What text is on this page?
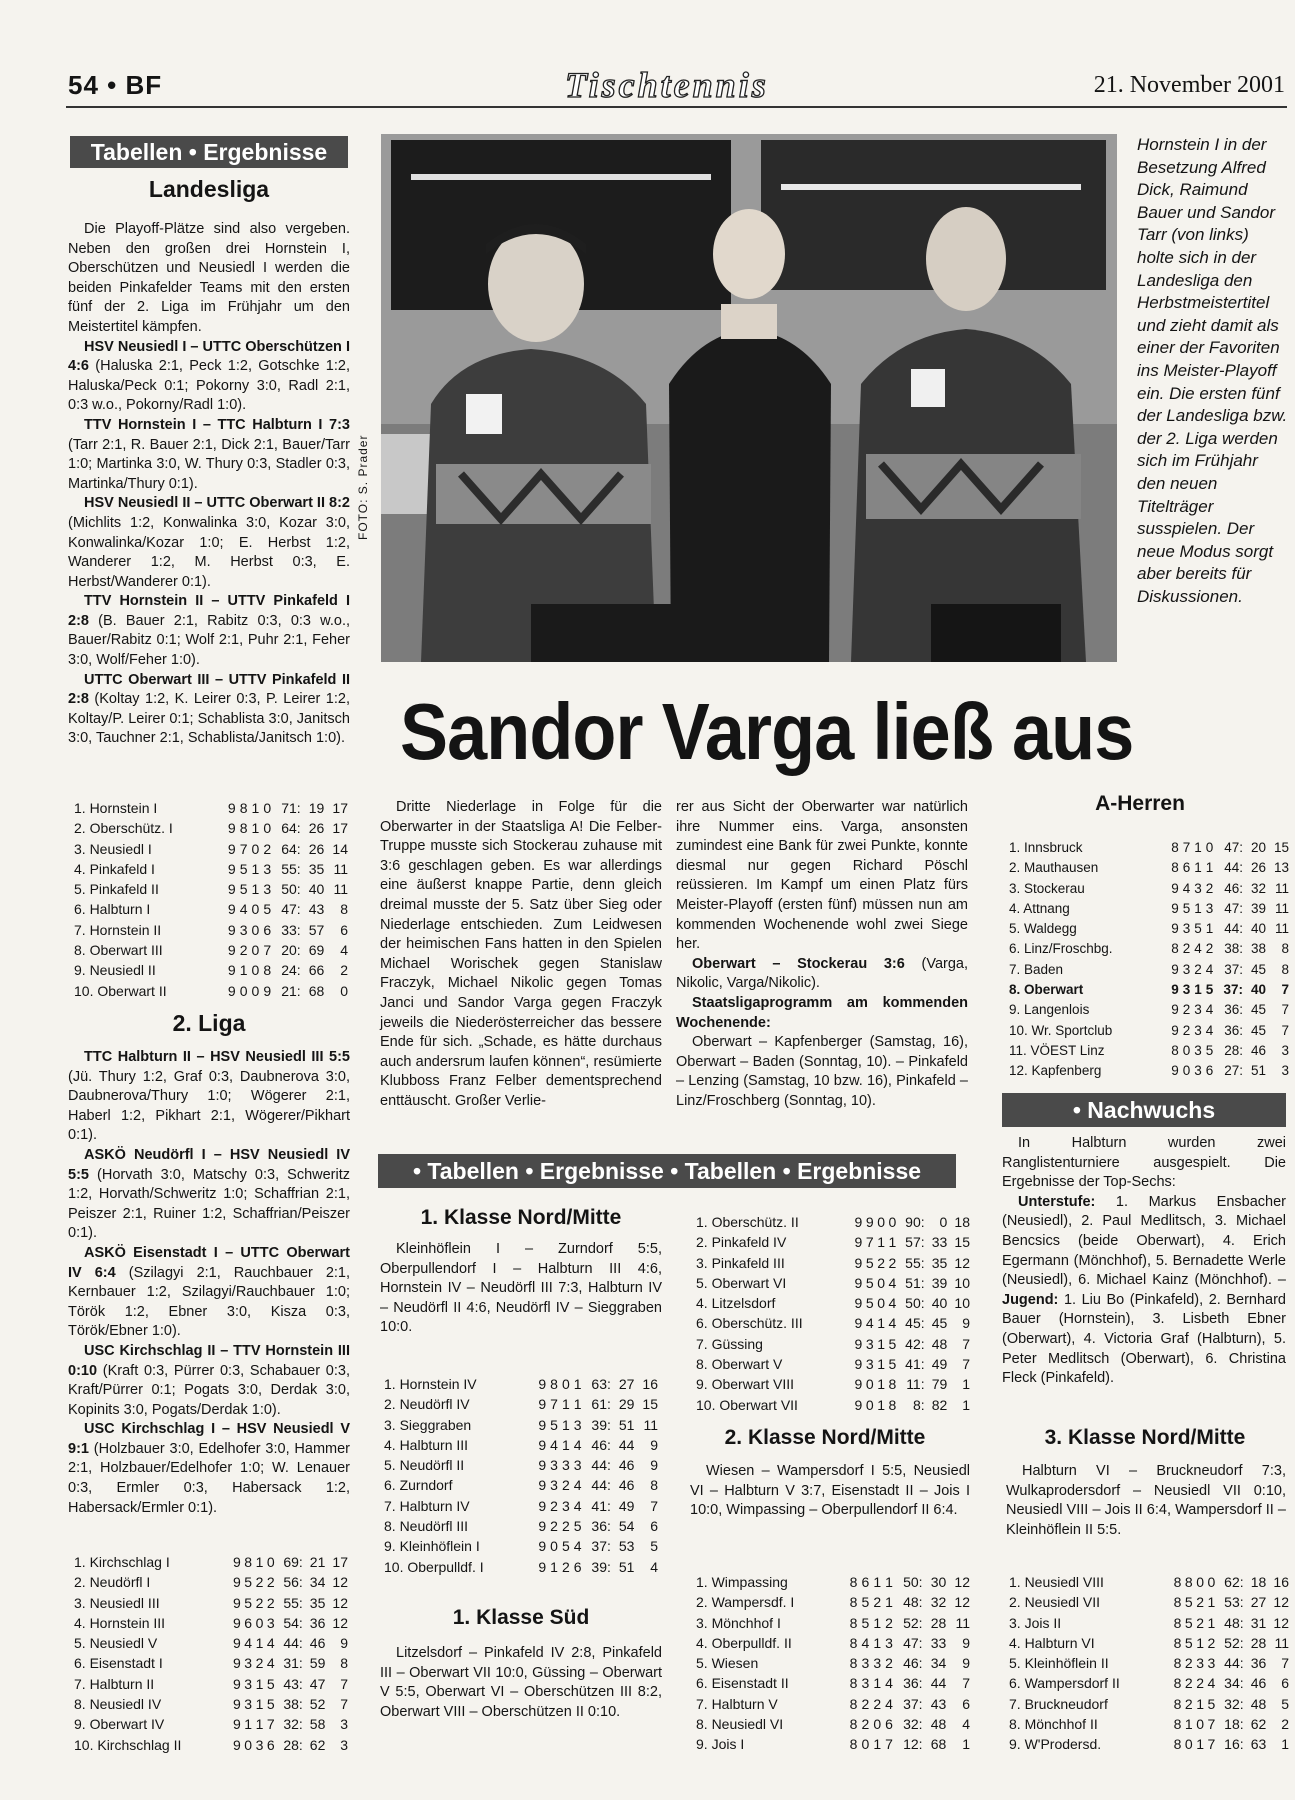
54 • BF	Tischtennis	21. November 2001
Tabellen • Ergebnisse
Landesliga

Die Playoff-Plätze sind also vergeben. Neben den großen drei Hornstein I, Oberschützen und Neusiedl I werden die beiden Pinkafelder Teams mit den ersten fünf der 2. Liga im Frühjahr um den Meistertitel kämpfen.

HSV Neusiedl I – UTTC Oberschützen I 4:6 (Haluska 2:1, Peck 1:2, Gotschke 1:2, Haluska/Peck 0:1; Pokorny 3:0, Radl 2:1, 0:3 w.o., Pokorny/Radl 1:0).

TTV Hornstein I – TTC Halbturn I 7:3 (Tarr 2:1, R. Bauer 2:1, Dick 2:1, Bauer/Tarr 1:0; Martinka 3:0, W. Thury 0:3, Stadler 0:3, Martinka/Thury 0:1).

HSV Neusiedl II – UTTC Oberwart II 8:2 (Michlits 1:2, Konwalinka 3:0, Kozar 3:0, Konwalinka/Kozar 1:0; E. Herbst 1:2, Wanderer 1:2, M. Herbst 0:3, E. Herbst/Wanderer 0:1).

TTV Hornstein II – UTTV Pinkafeld I 2:8 (B. Bauer 2:1, Rabitz 0:3, 0:3 w.o., Bauer/Rabitz 0:1; Wolf 2:1, Puhr 2:1, Feher 3:0, Wolf/Feher 1:0).

UTTC Oberwart III – UTTV Pinkafeld II 2:8 (Koltay 1:2, K. Leirer 0:3, P. Leirer 1:2, Koltay/P. Leirer 0:1; Schablista 3:0, Janitsch 3:0, Tauchner 2:1, Schablista/Janitsch 1:0).

1. Hornstein I	9	8	1	0	71:	19	17
2. Oberschütz. I	9	8	1	0	64:	26	17
3. Neusiedl I	9	7	0	2	64:	26	14
4. Pinkafeld I	9	5	1	3	55:	35	11
5. Pinkafeld II	9	5	1	3	50:	40	11
6. Halbturn I	9	4	0	5	47:	43	8
7. Hornstein II	9	3	0	6	33:	57	6
8. Oberwart III	9	2	0	7	20:	69	4
9. Neusiedl II	9	1	0	8	24:	66	2
10. Oberwart II	9	0	0	9	21:	68	0
2. Liga

TTC Halbturn II – HSV Neusiedl III 5:5 (Jü. Thury 1:2, Graf 0:3, Daubnerova 3:0, Daubnerova/Thury 1:0; Wögerer 2:1, Haberl 1:2, Pikhart 2:1, Wögerer/Pikhart 0:1).

ASKÖ Neudörfl I – HSV Neusiedl IV 5:5 (Horvath 3:0, Matschy 0:3, Schweritz 1:2, Horvath/Schweritz 1:0; Schaffrian 2:1, Peiszer 2:1, Ruiner 1:2, Schaffrian/Peiszer 0:1).

ASKÖ Eisenstadt I – UTTC Oberwart IV 6:4 (Szilagyi 2:1, Rauchbauer 2:1, Kernbauer 1:2, Szilagyi/Rauchbauer 1:0; Török 1:2, Ebner 3:0, Kisza 0:3, Török/Ebner 1:0).

USC Kirchschlag II – TTV Hornstein III 0:10 (Kraft 0:3, Pürrer 0:3, Schabauer 0:3, Kraft/Pürrer 0:1; Pogats 3:0, Derdak 3:0, Kopinits 3:0, Pogats/Derdak 1:0).

USC Kirchschlag I – HSV Neusiedl V 9:1 (Holzbauer 3:0, Edelhofer 3:0, Hammer 2:1, Holzbauer/Edelhofer 1:0; W. Lenauer 0:3, Ermler 0:3, Habersack 1:2, Habersack/Ermler 0:1).

1. Kirchschlag I	9	8	1	0	69:	21	17
2. Neudörfl I	9	5	2	2	56:	34	12
3. Neusiedl III	9	5	2	2	55:	35	12
4. Hornstein III	9	6	0	3	54:	36	12
5. Neusiedl V	9	4	1	4	44:	46	9
6. Eisenstadt I	9	3	2	4	31:	59	8
7. Halbturn II	9	3	1	5	43:	47	7
8. Neusiedl IV	9	3	1	5	38:	52	7
9. Oberwart IV	9	1	1	7	32:	58	3
10. Kirchschlag II	9	0	3	6	28:	62	3
FOTO: S. Prader
Hornstein I in der Besetzung Alfred Dick, Raimund Bauer und Sandor Tarr (von links) holte sich in der Landesliga den Herbstmeistertitel und zieht damit als einer der Favoriten ins Meister-Playoff ein. Die ersten fünf der Landesliga bzw. der 2. Liga werden sich im Frühjahr den neuen Titelträger susspielen. Der neue Modus sorgt aber bereits für Diskussionen.
Sandor Varga ließ aus

Dritte Niederlage in Folge für die Oberwarter in der Staatsliga A! Die Felber-Truppe musste sich Stockerau zuhause mit 3:6 geschlagen geben. Es war allerdings eine äußerst knappe Partie, denn gleich dreimal musste der 5. Satz über Sieg oder Niederlage entschieden. Zum Leidwesen der heimischen Fans hatten in den Spielen Michael Worischek gegen Stanislaw Fraczyk, Michael Nikolic gegen Tomas Janci und Sandor Varga gegen Fraczyk jeweils die Niederösterreicher das bessere Ende für sich. „Schade, es hätte durchaus auch andersrum laufen können“, resümierte Klubboss Franz Felber dementsprechend enttäuscht. Großer Verlie-

rer aus Sicht der Oberwarter war natürlich ihre Nummer eins. Varga, ansonsten zumindest eine Bank für zwei Punkte, konnte diesmal nur gegen Richard Pöschl reüssieren. Im Kampf um einen Platz fürs Meister-Playoff (ersten fünf) müssen nun am kommenden Wochenende wohl zwei Siege her.

Oberwart – Stockerau 3:6 (Varga, Nikolic, Varga/Nikolic).

Staatsligaprogramm am kommenden Wochenende:

Oberwart – Kapfenberger (Samstag, 16), Oberwart – Baden (Sonntag, 10). – Pinkafeld – Lenzing (Samstag, 10 bzw. 16), Pinkafeld – Linz/Froschberg (Sonntag, 10).

A-Herren
1. Innsbruck	8	7	1	0	47:	20	15
2. Mauthausen	8	6	1	1	44:	26	13
3. Stockerau	9	4	3	2	46:	32	11
4. Attnang	9	5	1	3	47:	39	11
5. Waldegg	9	3	5	1	44:	40	11
6. Linz/Froschbg.	8	2	4	2	38:	38	8
7. Baden	9	3	2	4	37:	45	8
8. Oberwart	9	3	1	5	37:	40	7
9. Langenlois	9	2	3	4	36:	45	7
10. Wr. Sportclub	9	2	3	4	36:	45	7
11. VÖEST Linz	8	0	3	5	28:	46	3
12. Kapfenberg	9	0	3	6	27:	51	3
• Tabellen • Ergebnisse • Tabellen • Ergebnisse
1. Klasse Nord/Mitte

Kleinhöflein I – Zurndorf 5:5, Oberpullendorf I – Halbturn III 4:6, Hornstein IV – Neudörfl III 7:3, Halbturn IV – Neudörfl II 4:6, Neudörfl IV – Sieggraben 10:0.

1. Hornstein IV	9	8	0	1	63:	27	16
2. Neudörfl IV	9	7	1	1	61:	29	15
3. Sieggraben	9	5	1	3	39:	51	11
4. Halbturn III	9	4	1	4	46:	44	9
5. Neudörfl II	9	3	3	3	44:	46	9
6. Zurndorf	9	3	2	4	44:	46	8
7. Halbturn IV	9	2	3	4	41:	49	7
8. Neudörfl III	9	2	2	5	36:	54	6
9. Kleinhöflein I	9	0	5	4	37:	53	5
10. Oberpulldf. I	9	1	2	6	39:	51	4
1. Klasse Süd

Litzelsdorf – Pinkafeld IV 2:8, Pinkafeld III – Oberwart VII 10:0, Güssing – Oberwart V 5:5, Oberwart VI – Oberschützen III 8:2, Oberwart VIII – Oberschützen II 0:10.

1. Oberschütz. II	9	9	0	0	90:	0	18
2. Pinkafeld IV	9	7	1	1	57:	33	15
3. Pinkafeld III	9	5	2	2	55:	35	12
5. Oberwart VI	9	5	0	4	51:	39	10
4. Litzelsdorf	9	5	0	4	50:	40	10
6. Oberschütz. III	9	4	1	4	45:	45	9
7. Güssing	9	3	1	5	42:	48	7
8. Oberwart V	9	3	1	5	41:	49	7
9. Oberwart VIII	9	0	1	8	11:	79	1
10. Oberwart VII	9	0	1	8	8:	82	1
2. Klasse Nord/Mitte

Wiesen – Wampersdorf I 5:5, Neusiedl VI – Halbturn V 3:7, Eisenstadt II – Jois I 10:0, Wimpassing – Oberpullendorf II 6:4.

1. Wimpassing	8	6	1	1	50:	30	12
2. Wampersdf. I	8	5	2	1	48:	32	12
3. Mönchhof I	8	5	1	2	52:	28	11
4. Oberpulldf. II	8	4	1	3	47:	33	9
5. Wiesen	8	3	3	2	46:	34	9
6. Eisenstadt II	8	3	1	4	36:	44	7
7. Halbturn V	8	2	2	4	37:	43	6
8. Neusiedl VI	8	2	0	6	32:	48	4
9. Jois I	8	0	1	7	12:	68	1
• Nachwuchs

In Halbturn wurden zwei Ranglistenturniere ausgespielt. Die Ergebnisse der Top-Sechs:

Unterstufe: 1. Markus Ensbacher (Neusiedl), 2. Paul Medlitsch, 3. Michael Bencsics (beide Oberwart), 4. Erich Egermann (Mönchhof), 5. Bernadette Werle (Neusiedl), 6. Michael Kainz (Mönchhof). – Jugend: 1. Liu Bo (Pinkafeld), 2. Bernhard Bauer (Hornstein), 3. Lisbeth Ebner (Oberwart), 4. Victoria Graf (Halbturn), 5. Peter Medlitsch (Oberwart), 6. Christina Fleck (Pinkafeld).

3. Klasse Nord/Mitte

Halbturn VI – Bruckneudorf 7:3, Wulkaprodersdorf – Neusiedl VII 0:10, Neusiedl VIII – Jois II 6:4, Wampersdorf II – Kleinhöflein II 5:5.

1. Neusiedl VIII	8	8	0	0	62:	18	16
2. Neusiedl VII	8	5	2	1	53:	27	12
3. Jois II	8	5	2	1	48:	31	12
4. Halbturn VI	8	5	1	2	52:	28	11
5. Kleinhöflein II	8	2	3	3	44:	36	7
6. Wampersdorf II	8	2	2	4	34:	46	6
7. Bruckneudorf	8	2	1	5	32:	48	5
8. Mönchhof II	8	1	0	7	18:	62	2
9. W'Prodersd.	8	0	1	7	16:	63	1
